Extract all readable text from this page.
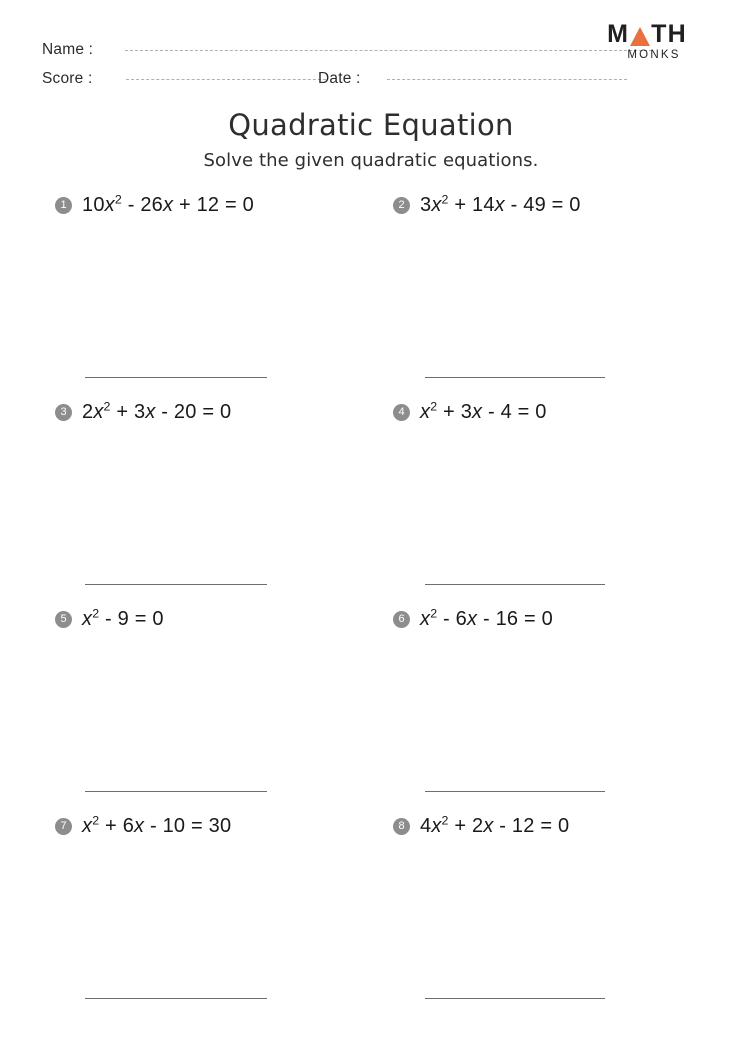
Name :
Score :	Date :
M TH
MONKS
Quadratic Equation
Solve the given quadratic equations.
1 $10x^2 - 26x + 12 = 0$	2 $3x^2 + 14x - 49 = 0$
3 $2x^2 + 3x - 20 = 0$	4 $x^2 + 3x - 4 = 0$
5 $x^2 - 9 = 0$	6 $x^2 - 6x - 16 = 0$
7 $x^2 + 6x - 10 = 30$	8 $4x^2 + 2x - 12 = 0$
